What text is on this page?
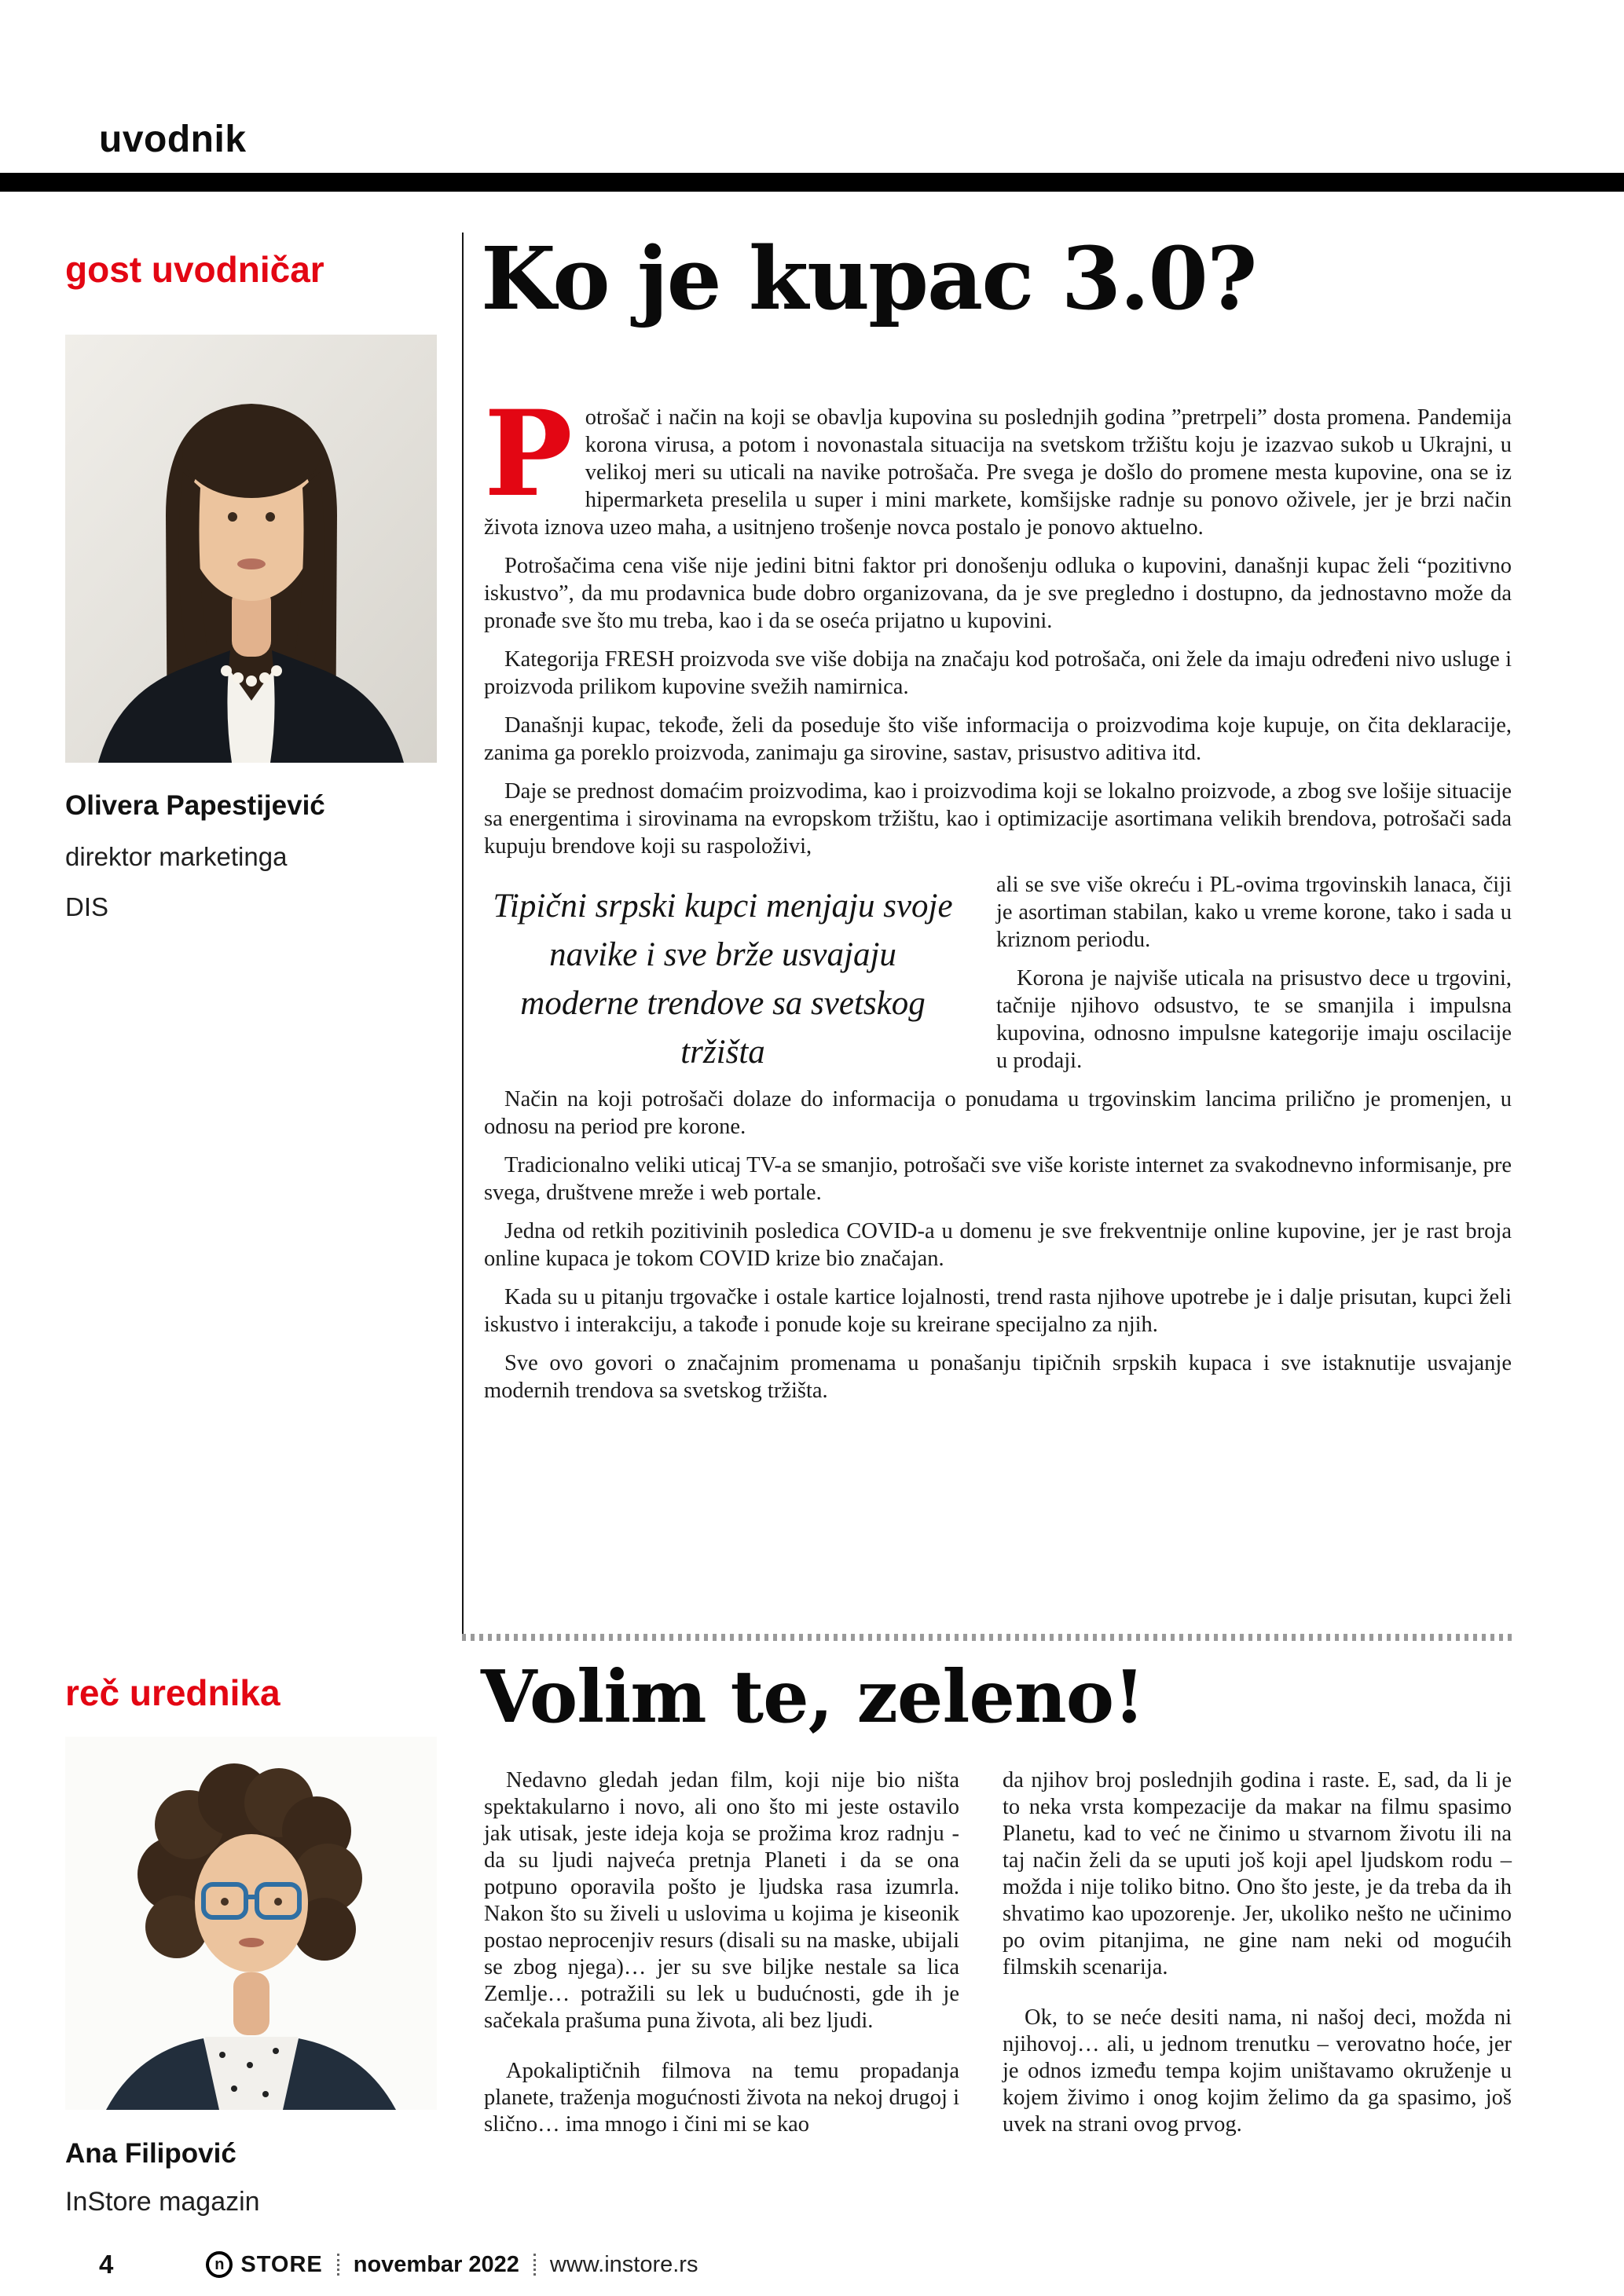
uvodnik
gost uvodničar
Olivera Papestijević
direktor marketinga
DIS
Ko je kupac 3.0?

Potrošač i način na koji se obavlja kupovina su poslednjih godina ”pretrpeli” dosta promena. Pandemija korona virusa, a potom i novonastala situacija na svetskom tržištu koju je izazvao sukob u Ukrajni, u velikoj meri su uticali na navike potrošača. Pre svega je došlo do promene mesta kupovine, ona se iz hipermarketa preselila u super i mini markete, komšijske radnje su ponovo oživele, jer je brzi način života iznova uzeo maha, a usitnjeno trošenje novca postalo je ponovo aktuelno.

Potrošačima cena više nije jedini bitni faktor pri donošenju odluka o kupovini, današnji kupac želi “pozitivno iskustvo”, da mu prodavnica bude dobro organizovana, da je sve pregledno i dostupno, da jednostavno može da pronađe sve što mu treba, kao i da se oseća prijatno u kupovini.

Kategorija FRESH proizvoda sve više dobija na značaju kod potrošača, oni žele da imaju određeni nivo usluge i proizvoda prilikom kupovine svežih namirnica.

Današnji kupac, tekođe, želi da poseduje što više informacija o proizvodima koje kupuje, on čita deklaracije, zanima ga poreklo proizvoda, zanimaju ga sirovine, sastav, prisustvo aditiva itd.

Daje se prednost domaćim proizvodima, kao i proizvodima koji se lokalno proizvode, a zbog sve lošije situacije sa energentima i sirovinama na evropskom tržištu, kao i optimizacije asortimana velikih brendova, potrošači sada kupuju brendove koji su raspoloživi,

Tipični srpski kupci menjaju svoje navike i sve brže usvajaju moderne trendove sa svetskog tržišta

ali se sve više okreću i PL-ovima trgovinskih lanaca, čiji je asortiman stabilan, kako u vreme korone, tako i sada u kriznom periodu.

Korona je najviše uticala na prisustvo dece u trgovini, tačnije njihovo odsustvo, te se smanjila i impulsna kupovina, odnosno impulsne kategorije imaju oscilacije u prodaji.

Način na koji potrošači dolaze do informacija o ponudama u trgovinskim lancima prilično je promenjen, u odnosu na period pre korone.

Tradicionalno veliki uticaj TV-a se smanjio, potrošači sve više koriste internet za svakodnevno informisanje, pre svega, društvene mreže i web portale.

Jedna od retkih pozitivinih posledica COVID-a u domenu je sve frekventnije online kupovine, jer je rast broja online kupaca je tokom COVID krize bio značajan.

Kada su u pitanju trgovačke i ostale kartice lojalnosti, trend rasta njihove upotrebe je i dalje prisutan, kupci želi iskustvo i interakciju, a takođe i ponude koje su kreirane specijalno za njih.

Sve ovo govori o značajnim promenama u ponašanju tipičnih srpskih kupaca i sve istaknutije usvajanje modernih trendova sa svetskog tržišta.

reč urednika
Ana Filipović
InStore magazin
Volim te, zeleno!

Nedavno gledah jedan film, koji nije bio ništa spektakularno i novo, ali ono što mi jeste ostavilo jak utisak, jeste ideja koja se prožima kroz radnju - da su ljudi najveća pretnja Planeti i da se ona potpuno oporavila pošto je ljudska rasa izumrla. Nakon što su živeli u uslovima u kojima je kiseonik postao neprocenjiv resurs (disali su na maske, ubijali se zbog njega)… jer su sve biljke nestale sa lica Zemlje… potražili su lek u budućnosti, gde ih je sačekala prašuma puna života, ali bez ljudi.

Apokaliptičnih filmova na temu propadanja planete, traženja mogućnosti života na nekoj drugoj i slično… ima mnogo i čini mi se kao

da njihov broj poslednjih godina i raste. E, sad, da li je to neka vrsta kompezacije da makar na filmu spasimo Planetu, kad to već ne činimo u stvarnom životu ili na taj način želi da se uputi još koji apel ljudskom rodu – možda i nije toliko bitno. Ono što jeste, je da treba da ih shvatimo kao upozorenje. Jer, ukoliko nešto ne učinimo po ovim pitanjima, ne gine nam neki od mogućih filmskih scenarija.

Ok, to se neće desiti nama, ni našoj deci, možda ni njihovoj… ali, u jednom trenutku – verovatno hoće, jer je odnos između tempa kojim uništavamo okruženje u kojem živimo i onog kojim želimo da ga spasimo, još uvek na strani ovog prvog.

4	n STORE novembar 2022 www.instore.rs
